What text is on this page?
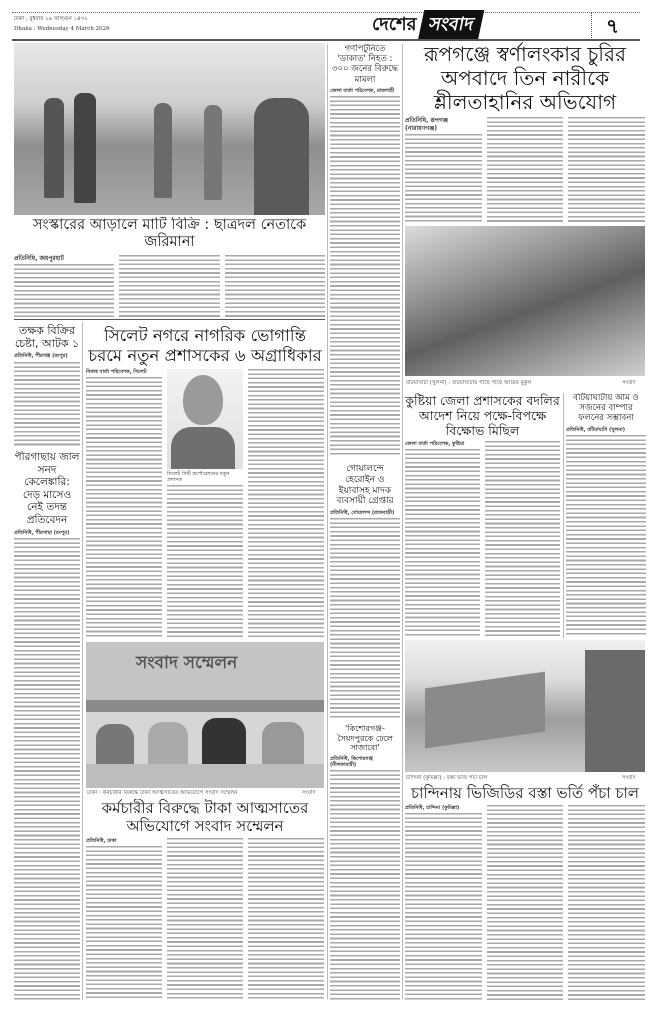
ঢাকা : বুধবার ১৯ ফাল্গুন ১৪৩২
Dhaka : Wednesday 4 March 2026	দেশের সংবাদ	৭
সংস্কারের আড়ালে মাটি বিক্রি : ছাত্রদল নেতাকে জরিমানা
প্রতিনিধি, জয়পুরহাট
গণপিটুনিতে 'ডাকাত' নিহত : ৩০০ জনের বিরুদ্ধে মামলা
জেলা বার্তা পরিবেশক, রাজশাহী
রূপগঞ্জে স্বর্ণালংকার চুরির অপবাদে তিন নারীকে শ্লীলতাহানির অভিযোগ
প্রতিনিধি, রূপগঞ্জ (নারায়ণগঞ্জ)
বটিয়াঘাটা (খুলনা) : বটিয়াঘাটায় গাছে গাছে আমের মুকুল	সংবাদ
তক্ষক বিক্রির চেষ্টা, আটক ১
প্রতিনিধি, পীরগঞ্জ (রংপুর)
পীরগাছায় জাল সনদ কেলেঙ্কারি: দেড় মাসেও নেই তদন্ত প্রতিবেদন
প্রতিনিধি, পীরগাছা (রংপুর)
সিলেট নগরে নাগরিক ভোগান্তি চরমে নতুন প্রশাসকের ৬ অগ্রাধিকার
নিজস্ব বার্তা পরিবেশক, সিলেট
সিলেট সিটি কর্পোরেশনের নতুন প্রশাসক
সংবাদ সম্মেলন
ঢাকা : কর্মচারীর বিরুদ্ধে টাকা আত্মসাতের অভিযোগে সংবাদ সম্মেলন	সংবাদ
কর্মচারীর বিরুদ্ধে টাকা আত্মসাতের অভিযোগে সংবাদ সম্মেলন
প্রতিনিধি, ঢাকা
গোয়ালন্দে হেরোইন ও ইয়াবাসহ মাদক ব্যবসায়ী গ্রেপ্তার
প্রতিনিধি, গোয়ালন্দ (রাজবাড়ী)
'কিশোরগঞ্জ-সৈয়দপুরকে ঢেলে সাজাবো'
প্রতিনিধি, কিশোরগঞ্জ (নীলফামারী)
কুষ্টিয়া জেলা প্রশাসকের বদলির আদেশ নিয়ে পক্ষে-বিপক্ষে বিক্ষোভ মিছিল
জেলা বার্তা পরিবেশক, কুষ্টিয়া
বটিয়াঘাটায় আম ও সজনের বাম্পার ফলনের সম্ভাবনা
প্রতিনিধি, বটিয়াঘাটা (খুলনা)
চান্দিনা (কুমিল্লা) : বস্তা ভর্তি পঁচা চাল	সংবাদ
চান্দিনায় ভিজিডির বস্তা ভর্তি পঁচা চাল
প্রতিনিধি, চান্দিনা (কুমিল্লা)
